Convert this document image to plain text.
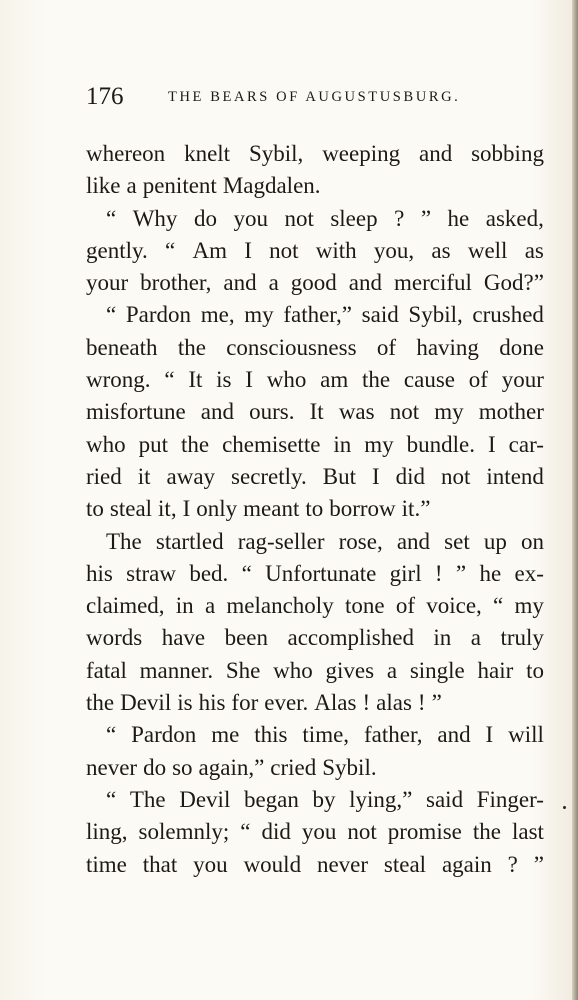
176	THE BEARS OF AUGUSTUSBURG.
whereon knelt Sybil, weeping and sobbing
like a penitent Magdalen.
“ Why do you not sleep ? ” he asked,
gently. “ Am I not with you, as well as
your brother, and a good and merciful God?”
“ Pardon me, my father,” said Sybil, crushed
beneath the consciousness of having done
wrong. “ It is I who am the cause of your
misfortune and ours. It was not my mother
who put the chemisette in my bundle. I car-
ried it away secretly. But I did not intend
to steal it, I only meant to borrow it.”
The startled rag-seller rose, and set up on
his straw bed. “ Unfortunate girl ! ” he ex-
claimed, in a melancholy tone of voice, “ my
words have been accomplished in a truly
fatal manner. She who gives a single hair to
the Devil is his for ever. Alas ! alas ! ”
“ Pardon me this time, father, and I will
never do so again,” cried Sybil.
“ The Devil began by lying,” said Finger-
ling, solemnly; “ did you not promise the last
time that you would never steal again ? ”
